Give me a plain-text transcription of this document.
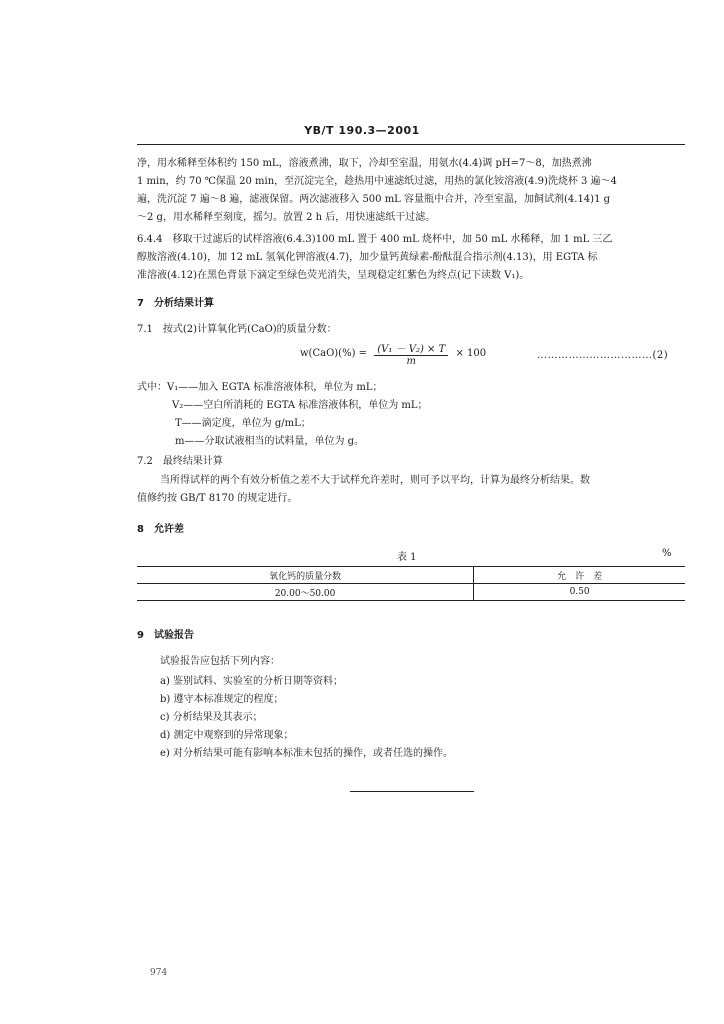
YB/T 190.3—2001
净，用水稀释至体积约 150 mL，溶液煮沸，取下，冷却至室温，用氨水(4.4)调 pH=7～8，加热煮沸
1 min，约 70 ℃保温 20 min，至沉淀完全，趁热用中速滤纸过滤，用热的氯化铵溶液(4.9)洗烧杯 3 遍～4
遍，洗沉淀 7 遍～8 遍，滤液保留。两次滤液移入 500 mL 容量瓶中合并，冷至室温，加飼试剂(4.14)1 g
～2 g，用水稀释至刻度，摇匀。放置 2 h 后，用快速滤纸干过滤。
6.4.4　移取干过滤后的试样溶液(6.4.3)100 mL 置于 400 mL 烧杯中，加 50 mL 水稀释，加 1 mL 三乙
醇胺溶液(4.10)，加 12 mL 氢氧化钾溶液(4.7)，加少量钙黄绿素-酚酞混合指示剂(4.13)，用 EGTA 标
准溶液(4.12)在黑色背景下滴定至绿色荧光消失，呈现稳定红紫色为终点(记下读数 V₁)。
7　分析结果计算
7.1　按式(2)计算氧化钙(CaO)的质量分数：
$w(CaO)(\%) = \frac{\text{(V₁ － V₂) × T}}{m} \times 100$	……………………………(2)
式中：V₁——加入 EGTA 标准溶液体积，单位为 mL；
V₂——空白所消耗的 EGTA 标准溶液体积，单位为 mL；
T——滴定度，单位为 g/mL；
m——分取试液相当的试料量，单位为 g。
7.2　最终结果计算
当所得试样的两个有效分析值之差不大于试样允许差时，则可予以平均，计算为最终分析结果。数
值修约按 GB/T 8170 的规定进行。
8　允许差
表 1	%
氧化钙的质量分数	允　许　差
20.00～50.00	0.50
9　试验报告
试验报告应包括下列内容：
a) 鉴别试料、实验室的分析日期等资料；
b) 遵守本标准规定的程度；
c) 分析结果及其表示；
d) 测定中观察到的异常现象；
e) 对分析结果可能有影响本标准未包括的操作，或者任选的操作。
974
